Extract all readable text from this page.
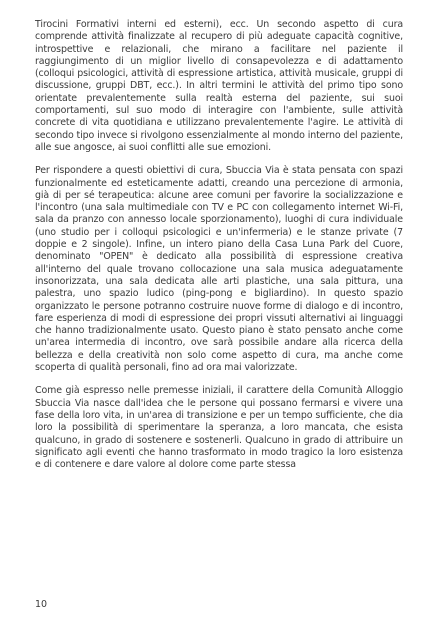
Tirocini Formativi interni ed esterni), ecc. Un secondo aspetto di cura comprende attività finalizzate al recupero di più adeguate capacità cognitive, introspettive e relazionali, che mirano a facilitare nel paziente il raggiungimento di un miglior livello di consapevolezza e di adattamento (colloqui psicologici, attività di espressione artistica, attività musicale, gruppi di discussione, gruppi DBT, ecc.). In altri termini le attività del primo tipo sono orientate prevalentemente sulla realtà esterna del paziente, sui suoi comportamenti, sul suo modo di interagire con l'ambiente, sulle attività concrete di vita quotidiana e utilizzano prevalentemente l'agire. Le attività di secondo tipo invece si rivolgono essenzialmente al mondo interno del paziente, alle sue angosce, ai suoi conflitti alle sue emozioni.

Per rispondere a questi obiettivi di cura, Sbuccia Via è stata pensata con spazi funzionalmente ed esteticamente adatti, creando una percezione di armonia, già di per sé terapeutica: alcune aree comuni per favorire la socializzazione e l'incontro (una sala multimediale con TV e PC con collegamento internet Wi-Fi, sala da pranzo con annesso locale sporzionamento), luoghi di cura individuale (uno studio per i colloqui psicologici e un'infermeria) e le stanze private (7 doppie e 2 singole). Infine, un intero piano della Casa Luna Park del Cuore, denominato "OPEN" è dedicato alla possibilità di espressione creativa all'interno del quale trovano collocazione una sala musica adeguatamente insonorizzata, una sala dedicata alle arti plastiche, una sala pittura, una palestra, uno spazio ludico (ping-pong e bigliardino). In questo spazio organizzato le persone potranno costruire nuove forme di dialogo e di incontro, fare esperienza di modi di espressione dei propri vissuti alternativi ai linguaggi che hanno tradizionalmente usato. Questo piano è stato pensato anche come un'area intermedia di incontro, ove sarà possibile andare alla ricerca della bellezza e della creatività non solo come aspetto di cura, ma anche come scoperta di qualità personali, fino ad ora mai valorizzate.

Come già espresso nelle premesse iniziali, il carattere della Comunità Alloggio Sbuccia Via nasce dall'idea che le persone qui possano fermarsi e vivere una fase della loro vita, in un'area di transizione e per un tempo sufficiente, che dia loro la possibilità di sperimentare la speranza, a loro mancata, che esista qualcuno, in grado di sostenere e sostenerli. Qualcuno in grado di attribuire un significato agli eventi che hanno trasformato in modo tragico la loro esistenza e di contenere e dare valore al dolore come parte stessa

10
